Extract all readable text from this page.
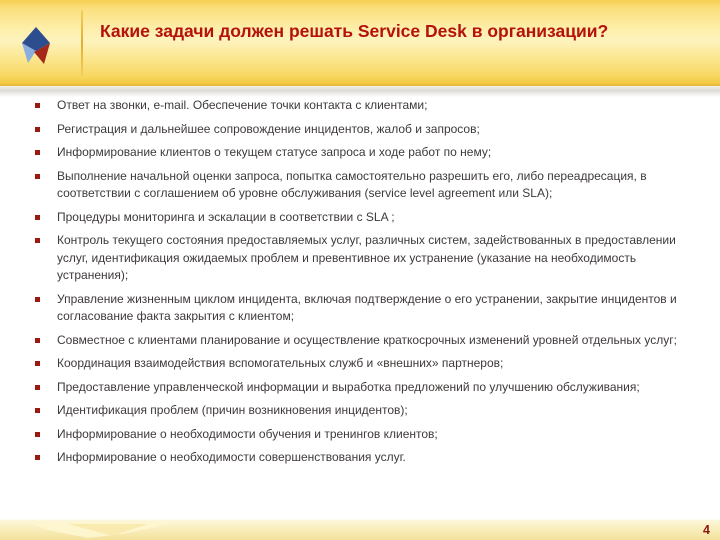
Какие задачи должен решать Service Desk в организации?
Ответ на звонки, e-mail. Обеспечение точки контакта с клиентами;
Регистрация и дальнейшее сопровождение инцидентов, жалоб и запросов;
Информирование клиентов о текущем статусе запроса и ходе работ по нему;
Выполнение начальной оценки запроса, попытка самостоятельно разрешить его, либо переадресация, в соответствии с соглашением об уровне обслуживания (service level agreement или SLA);
Процедуры мониторинга и эскалации в соответствии с SLA ;
Контроль текущего состояния предоставляемых услуг, различных систем, задействованных в предоставлении услуг, идентификация ожидаемых проблем и превентивное их устранение (указание на необходимость устранения);
Управление жизненным циклом инцидента, включая подтверждение о его устранении, закрытие инцидентов и согласование факта закрытия с клиентом;
Совместное с клиентами планирование и осуществление краткосрочных изменений уровней отдельных услуг;
Координация взаимодействия вспомогательных служб и «внешних» партнеров;
Предоставление управленческой информации и выработка предложений по улучшению обслуживания;
Идентификация проблем (причин возникновения инцидентов);
Информирование о необходимости обучения и тренингов клиентов;
Информирование о необходимости совершенствования услуг.
4
